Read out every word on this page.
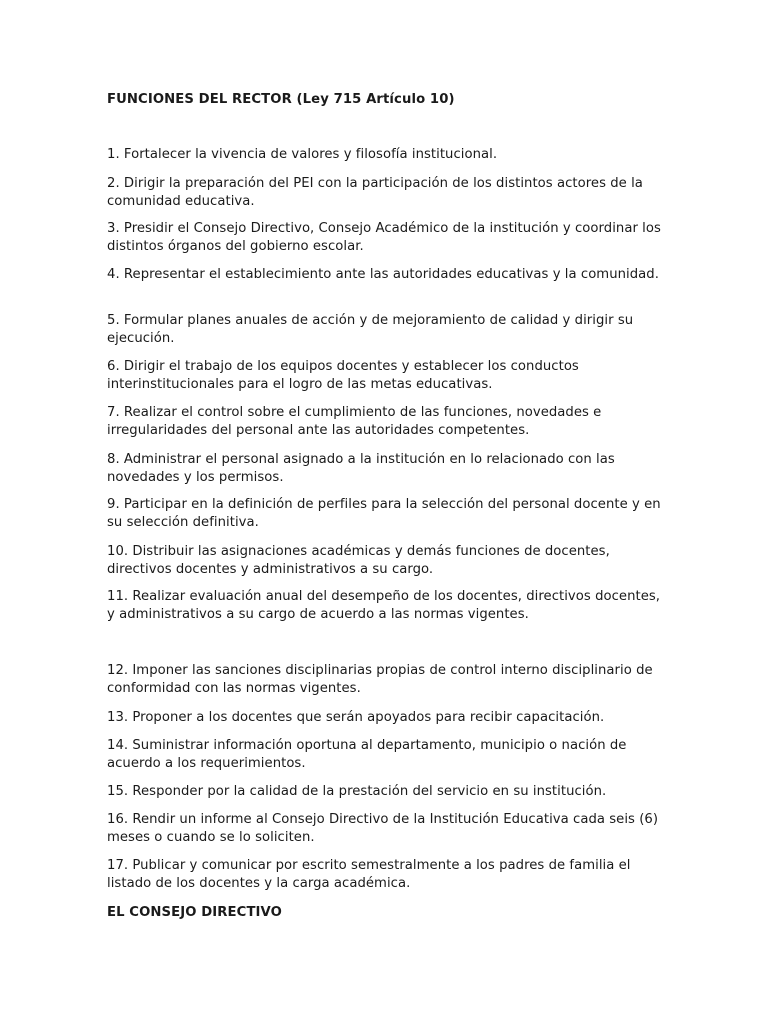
FUNCIONES DEL RECTOR (Ley 715 Artículo 10)
1. Fortalecer la vivencia de valores y filosofía institucional.
2. Dirigir la preparación del PEI con la participación de los distintos actores de la comunidad educativa.
3. Presidir el Consejo Directivo, Consejo Académico de la institución y coordinar los distintos órganos del gobierno escolar.
4. Representar el establecimiento ante las autoridades educativas y la comunidad.
5. Formular planes anuales de acción y de mejoramiento de calidad y dirigir su ejecución.
6. Dirigir el trabajo de los equipos docentes y establecer los conductos interinstitucionales para el logro de las metas educativas.
7. Realizar el control sobre el cumplimiento de las funciones, novedades e irregularidades del personal ante las autoridades competentes.
8. Administrar el personal asignado a la institución en lo relacionado con las novedades y los permisos.
9. Participar en la definición de perfiles para la selección del personal docente y en su selección definitiva.
10. Distribuir las asignaciones académicas y demás funciones de docentes, directivos docentes y administrativos a su cargo.
11. Realizar evaluación anual del desempeño de los docentes, directivos docentes, y administrativos a su cargo de acuerdo a las normas vigentes.
12. Imponer las sanciones disciplinarias propias de control interno disciplinario de conformidad con las normas vigentes.
13. Proponer a los docentes que serán apoyados para recibir capacitación.
14. Suministrar información oportuna al departamento, municipio o nación de acuerdo a los requerimientos.
15. Responder por la calidad de la prestación del servicio en su institución.
16. Rendir un informe al Consejo Directivo de la Institución Educativa cada seis (6) meses o cuando se lo soliciten.
17. Publicar y comunicar por escrito semestralmente a los padres de familia el listado de los docentes y la carga académica.
EL CONSEJO DIRECTIVO
